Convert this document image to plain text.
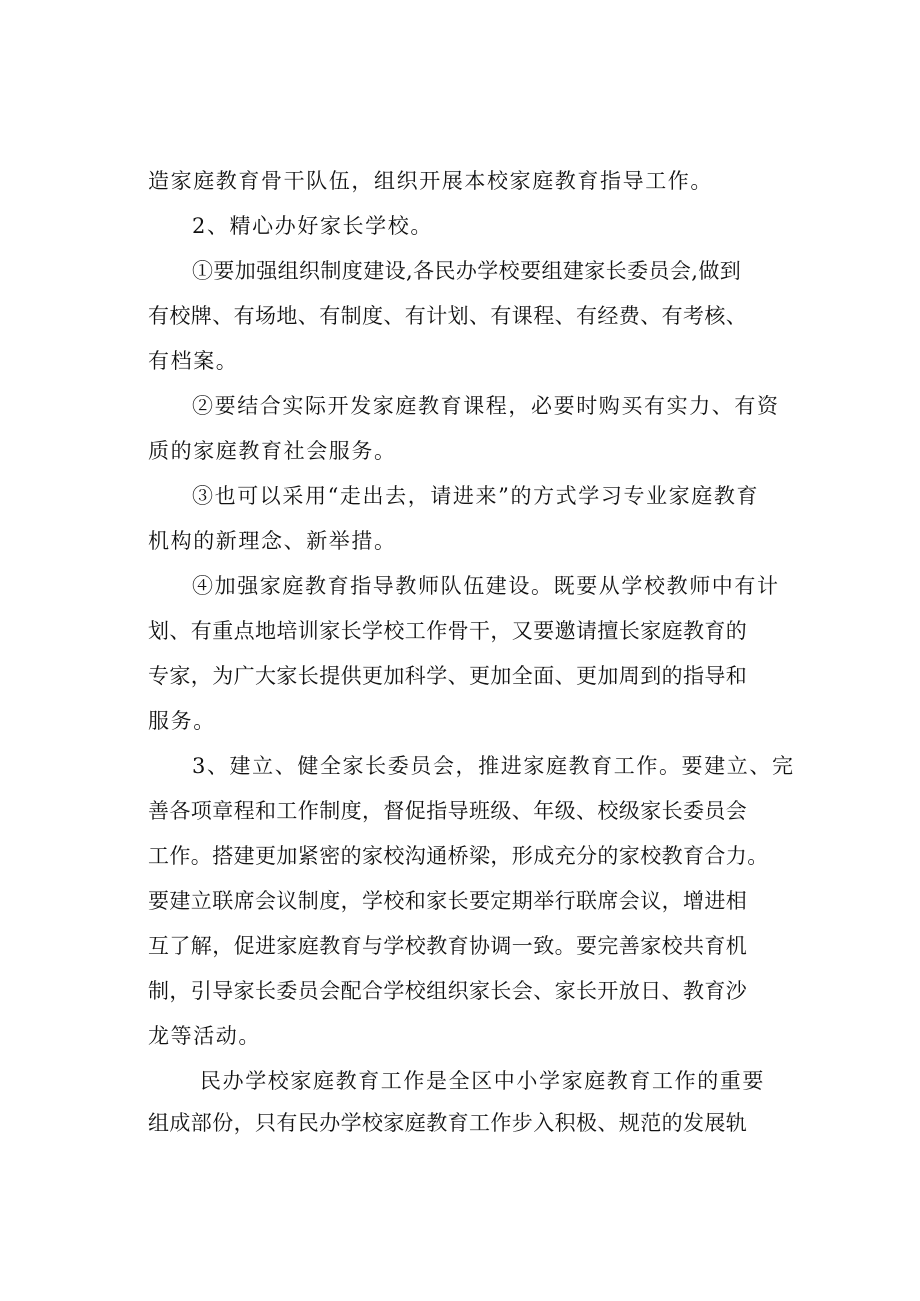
造家庭教育骨干队伍，组织开展本校家庭教育指导工作。
2、精心办好家长学校。
①要加强组织制度建设,各民办学校要组建家长委员会,做到
有校牌、有场地、有制度、有计划、有课程、有经费、有考核、
有档案。
②要结合实际开发家庭教育课程，必要时购买有实力、有资
质的家庭教育社会服务。
③也可以采用“走出去，请进来”的方式学习专业家庭教育
机构的新理念、新举措。
④加强家庭教育指导教师队伍建设。既要从学校教师中有计
划、有重点地培训家长学校工作骨干，又要邀请擅长家庭教育的
专家，为广大家长提供更加科学、更加全面、更加周到的指导和
服务。
3、建立、健全家长委员会，推进家庭教育工作。要建立、完
善各项章程和工作制度，督促指导班级、年级、校级家长委员会
工作。搭建更加紧密的家校沟通桥梁，形成充分的家校教育合力。
要建立联席会议制度，学校和家长要定期举行联席会议，增进相
互了解，促进家庭教育与学校教育协调一致。要完善家校共育机
制，引导家长委员会配合学校组织家长会、家长开放日、教育沙
龙等活动。
民办学校家庭教育工作是全区中小学家庭教育工作的重要
组成部份，只有民办学校家庭教育工作步入积极、规范的发展轨
